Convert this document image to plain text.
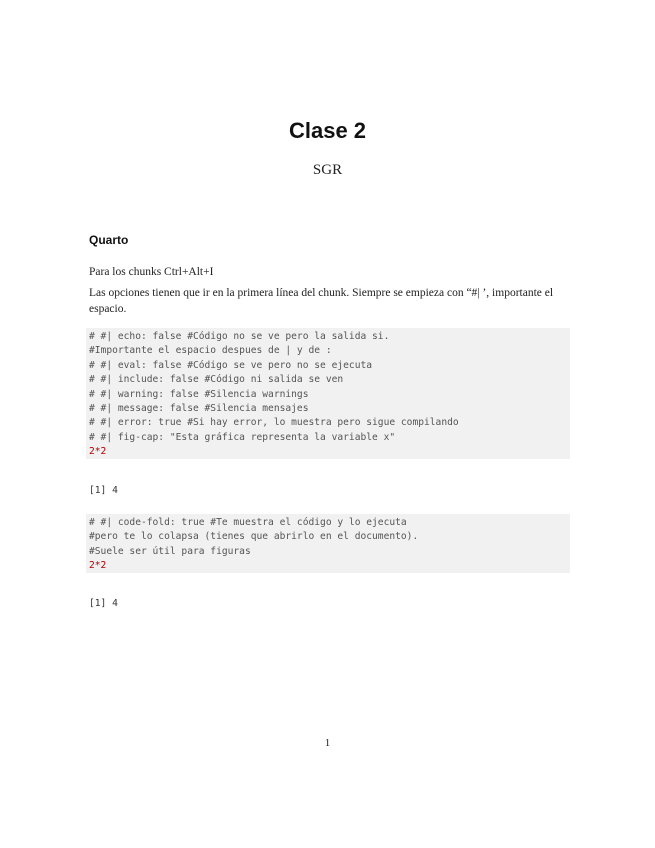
Clase 2
SGR
Quarto
Para los chunks Ctrl+Alt+I
Las opciones tienen que ir en la primera línea del chunk. Siempre se empieza con “#| ’, importante el espacio.
# #| echo: false #Código no se ve pero la salida si.
#Importante el espacio despues de | y de :
# #| eval: false #Código se ve pero no se ejecuta
# #| include: false #Código ni salida se ven
# #| warning: false #Silencia warnings
# #| message: false #Silencia mensajes
# #| error: true #Si hay error, lo muestra pero sigue compilando
# #| fig-cap: "Esta gráfica representa la variable x"
2*2
[1] 4
# #| code-fold: true #Te muestra el código y lo ejecuta
#pero te lo colapsa (tienes que abrirlo en el documento).
#Suele ser útil para figuras
2*2
[1] 4
1
